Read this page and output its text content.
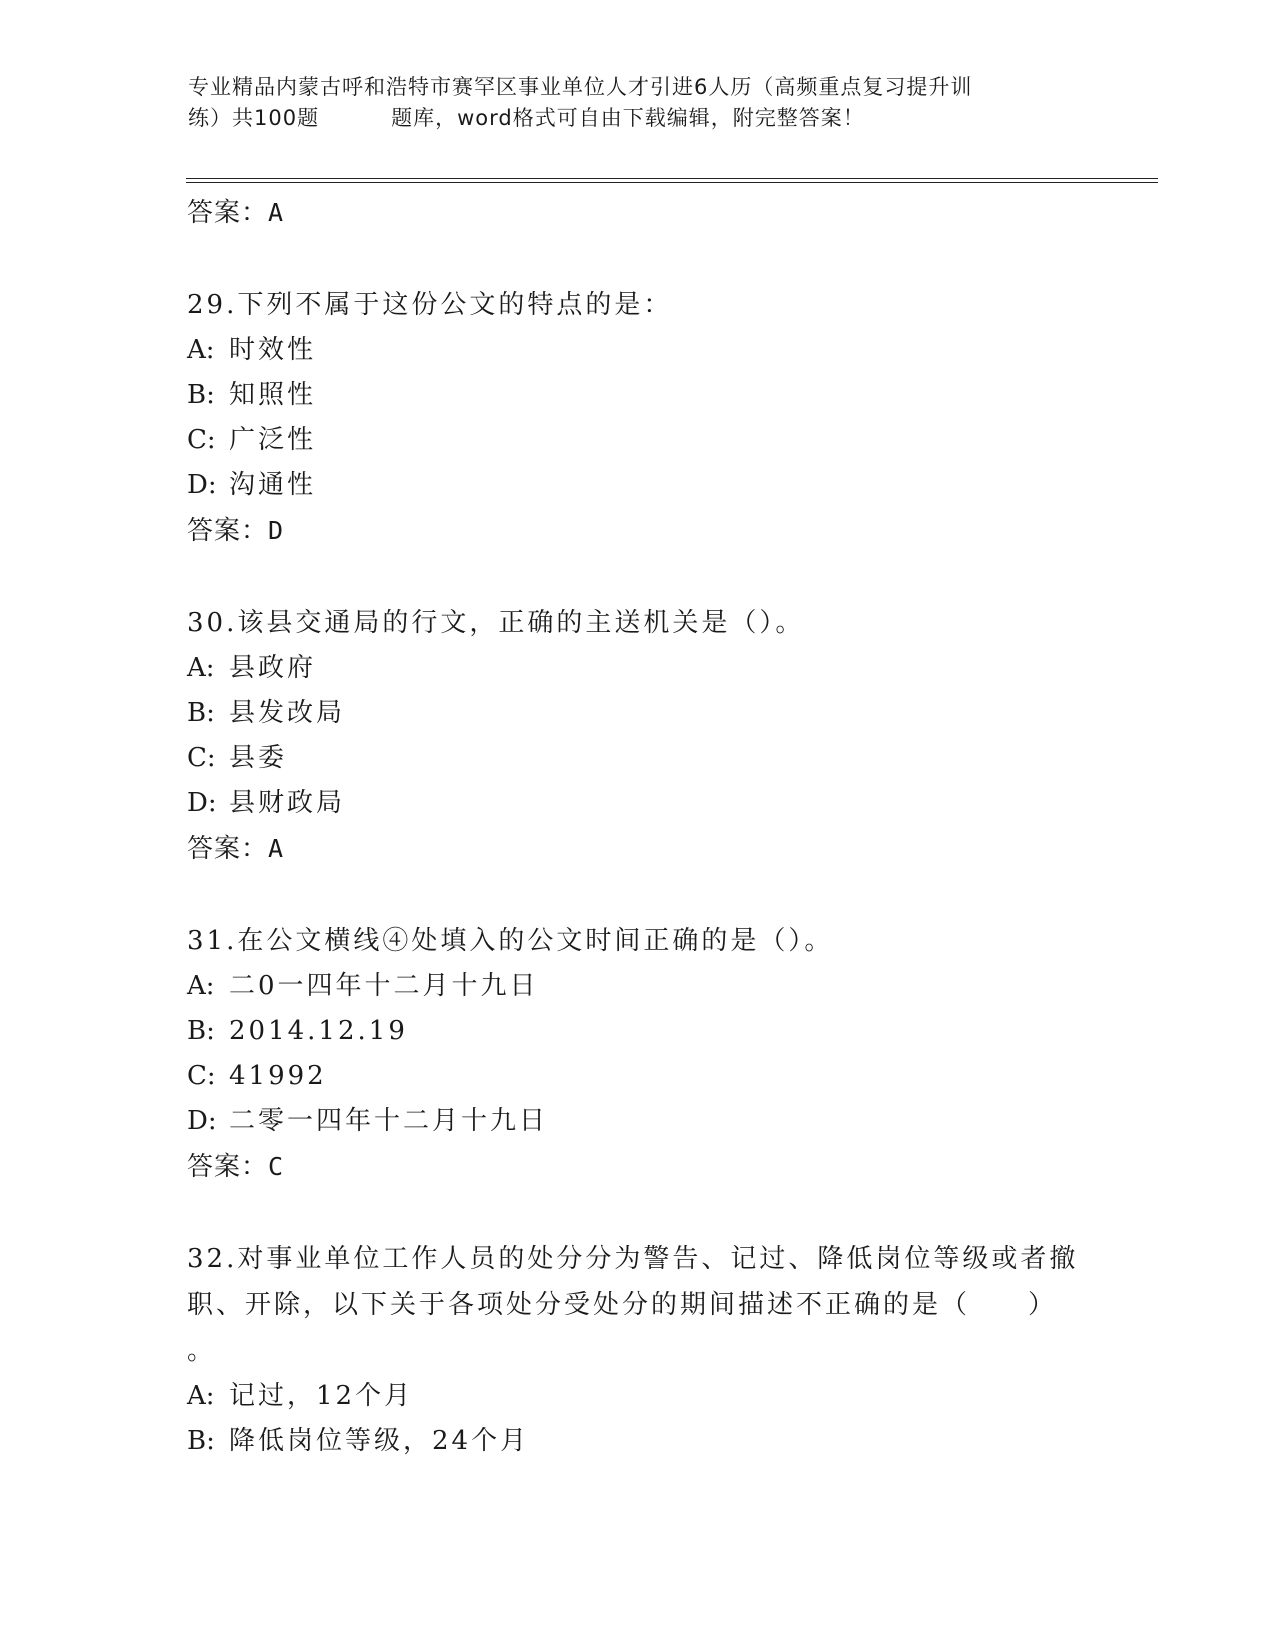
专业精品内蒙古呼和浩特市赛罕区事业单位人才引进6人历（高频重点复习提升训
练）共100题	题库，word格式可自由下载编辑，附完整答案！
答案：A
29.下列不属于这份公文的特点的是：
A: 时效性
B: 知照性
C: 广泛性
D: 沟通性
答案：D
30.该县交通局的行文，正确的主送机关是（）。
A: 县政府
B: 县发改局
C: 县委
D: 县财政局
答案：A
31.在公文横线④处填入的公文时间正确的是（）。
A: 二0一四年十二月十九日
B: 2014.12.19
C: 41992
D: 二零一四年十二月十九日
答案：C
32.对事业单位工作人员的处分分为警告、记过、降低岗位等级或者撤职、开除，以下关于各项处分受处分的期间描述不正确的是（　　）
。
A: 记过，12个月
B: 降低岗位等级，24个月
